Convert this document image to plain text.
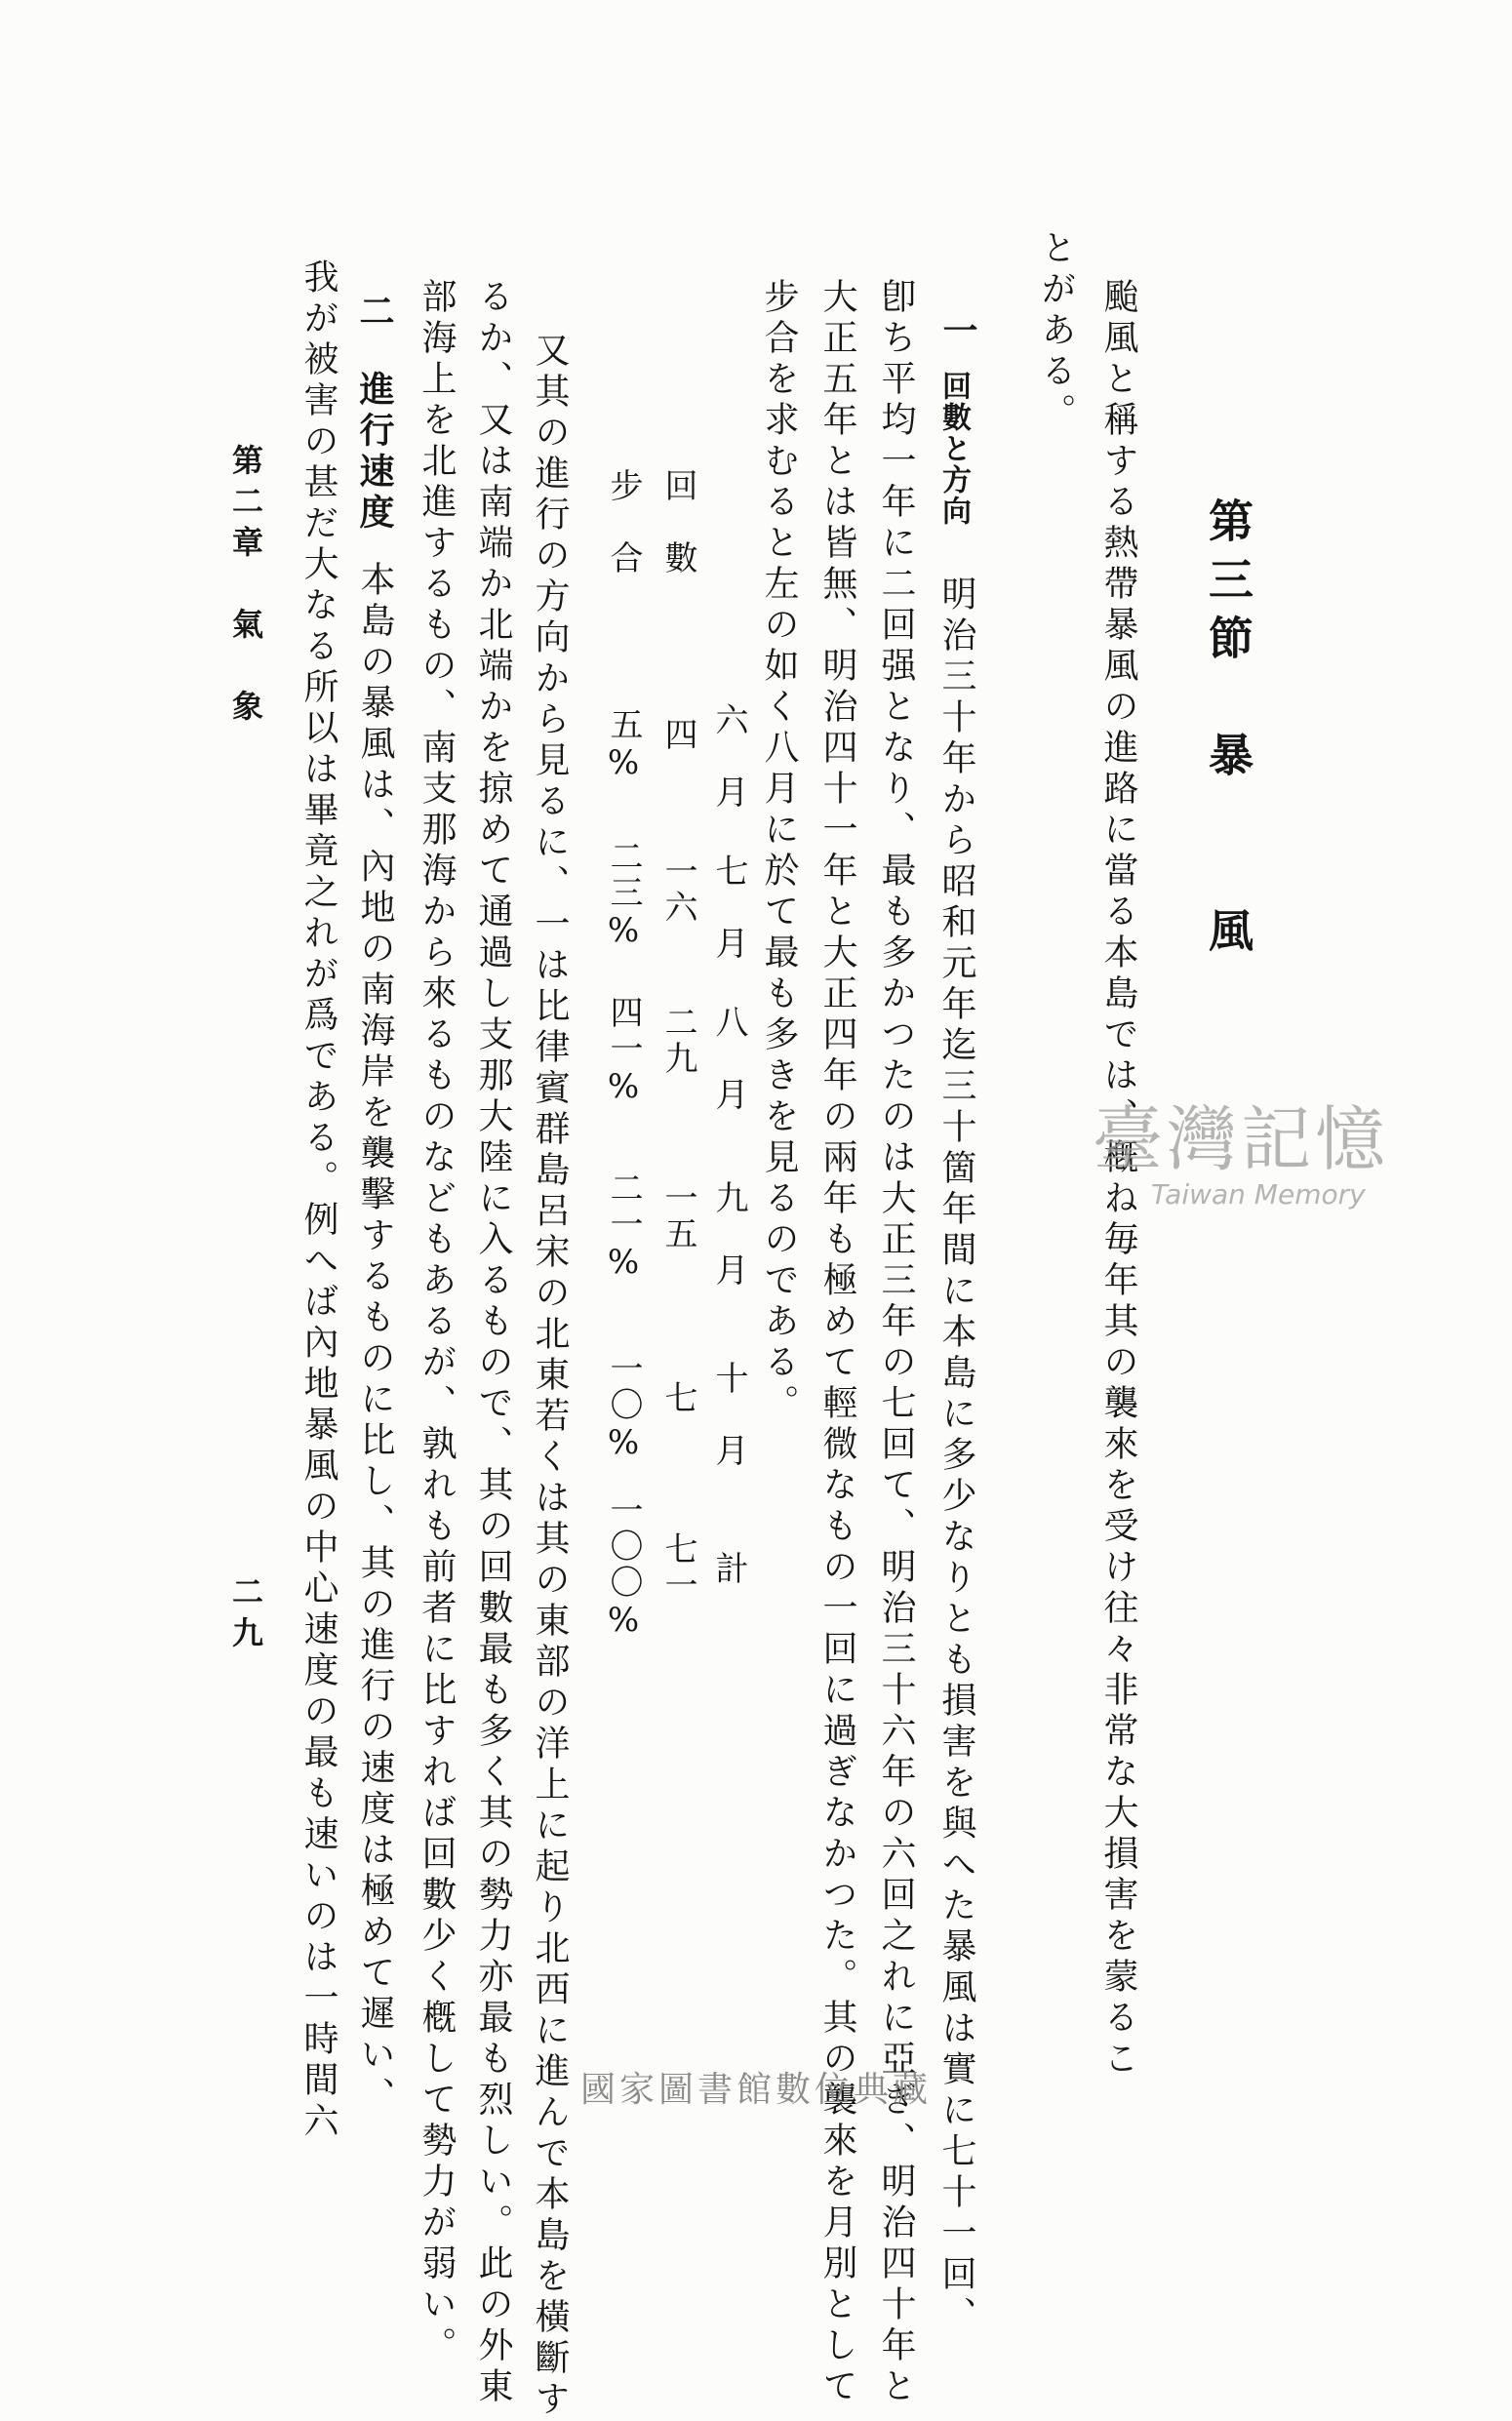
第三節　暴　　風
颱風と稱する熱帶暴風の進路に當る本島では、槪ね毎年其の襲來を受け往々非常な大損害を蒙るこ
とがある。
一
回數と方向
明治三十年から昭和元年迄三十箇年間に本島に多少なりとも損害を與へた暴風は實に七十一回、
卽ち平均一年に二回强となり、最も多かつたのは大正三年の七回て、明治三十六年の六回之れに亞ぎ、明治四十年と
大正五年とは皆無、明治四十一年と大正四年の兩年も極めて輕微なもの一回に過ぎなかつた。其の襲來を月別として
步合を求むると左の如く八月に於て最も多きを見るのである。
回　數
步　合
六　月
四
五%
七　月
一六
二三%
八　月
二九
四一%
九　月
一五
二一%
十　月
七
一〇%
計
七一
一〇〇%
又其の進行の方向から見るに、一は比律賓群島呂宋の北東若くは其の東部の洋上に起り北西に進んで本島を橫斷す
るか、又は南端か北端かを掠めて通過し支那大陸に入るもので、其の回數最も多く其の勢力亦最も烈しい。此の外東
部海上を北進するもの、南支那海から來るものなどもあるが、孰れも前者に比すれば回數少く槪して勢力が弱い。
二
進行速度
本島の暴風は、內地の南海岸を襲擊するものに比し、其の進行の速度は極めて遲い、
我が被害の甚だ大なる所以は畢竟之れが爲である。例へば內地暴風の中心速度の最も速いのは一時間六
第二章　氣　象
二九
臺灣記憶
Taiwan Memory
國家圖書館數位典藏
